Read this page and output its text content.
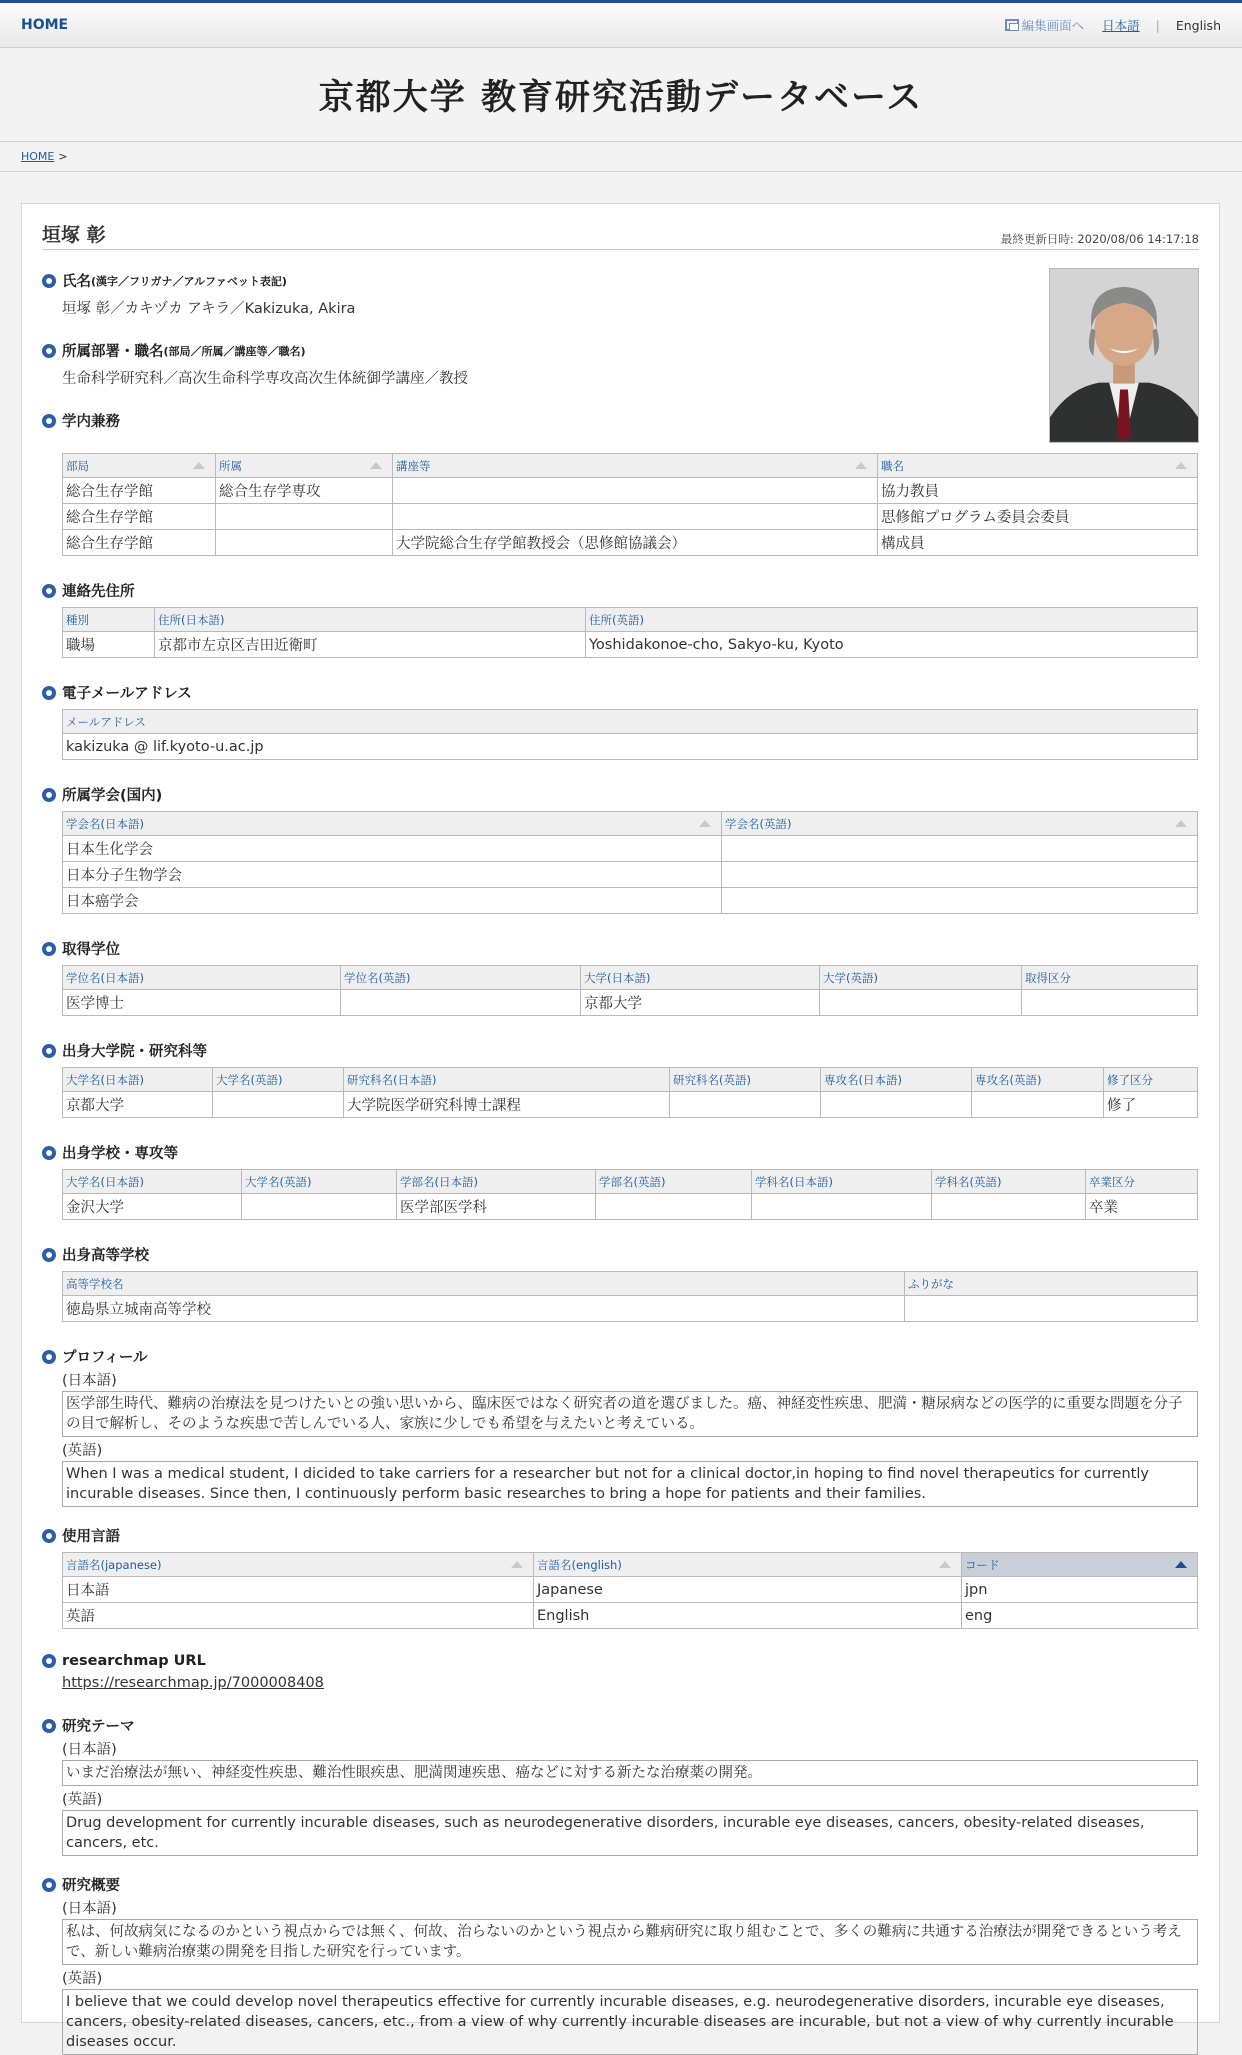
HOME	編集画面へ 日本語 | English
京都大学 教育研究活動データベース
HOME >
垣塚 彰	最終更新日時: 2020/08/06 14:17:18
氏名 (漢字／フリガナ／アルファベット表記)
垣塚 彰／カキヅカ アキラ／Kakizuka, Akira
所属部署・職名 (部局／所属／講座等／職名)
生命科学研究科／高次生命科学専攻高次生体統御学講座／教授
学内兼務
部局	所属	講座等	職名
総合生存学館	総合生存学専攻		協力教員
総合生存学館			思修館プログラム委員会委員
総合生存学館		大学院総合生存学館教授会（思修館協議会）	構成員
連絡先住所
種別	住所(日本語)	住所(英語)
職場	京都市左京区吉田近衛町	Yoshidakonoe-cho, Sakyo-ku, Kyoto
電子メールアドレス
メールアドレス
kakizuka @ lif.kyoto-u.ac.jp
所属学会(国内)
学会名(日本語)	学会名(英語)
日本生化学会	
日本分子生物学会	
日本癌学会	
取得学位
学位名(日本語)	学位名(英語)	大学(日本語)	大学(英語)	取得区分
医学博士		京都大学		
出身大学院・研究科等
大学名(日本語)	大学名(英語)	研究科名(日本語)	研究科名(英語)	専攻名(日本語)	専攻名(英語)	修了区分
京都大学		大学院医学研究科博士課程				修了
出身学校・専攻等
大学名(日本語)	大学名(英語)	学部名(日本語)	学部名(英語)	学科名(日本語)	学科名(英語)	卒業区分
金沢大学		医学部医学科				卒業
出身高等学校
高等学校名	ふりがな
徳島県立城南高等学校	
プロフィール
(日本語)
医学部生時代、難病の治療法を見つけたいとの強い思いから、臨床医ではなく研究者の道を選びました。癌、神経変性疾患、肥満・糖尿病などの医学的に重要な問題を分子の目で解析し、そのような疾患で苦しんでいる人、家族に少しでも希望を与えたいと考えている。
(英語)
When I was a medical student, I dicided to take carriers for a researcher but not for a clinical doctor,in hoping to find novel therapeutics for currently incurable diseases. Since then, I continuously perform basic researches to bring a hope for patients and their families.
使用言語
言語名(japanese)	言語名(english)	コード
日本語	Japanese	jpn
英語	English	eng
researchmap URL
https://researchmap.jp/7000008408
研究テーマ
(日本語)
いまだ治療法が無い、神経変性疾患、難治性眼疾患、肥満関連疾患、癌などに対する新たな治療薬の開発。
(英語)
Drug development for currently incurable diseases, such as neurodegenerative disorders, incurable eye diseases, cancers, obesity-related diseases, cancers, etc.
研究概要
(日本語)
私は、何故病気になるのかという視点からでは無く、何故、治らないのかという視点から難病研究に取り組むことで、多くの難病に共通する治療法が開発できるという考えで、新しい難病治療薬の開発を目指した研究を行っています。
(英語)
I believe that we could develop novel therapeutics effective for currently incurable diseases, e.g. neurodegenerative disorders, incurable eye diseases, cancers, obesity-related diseases, cancers, etc., from a view of why currently incurable diseases are incurable, but not a view of why currently incurable diseases occur.
